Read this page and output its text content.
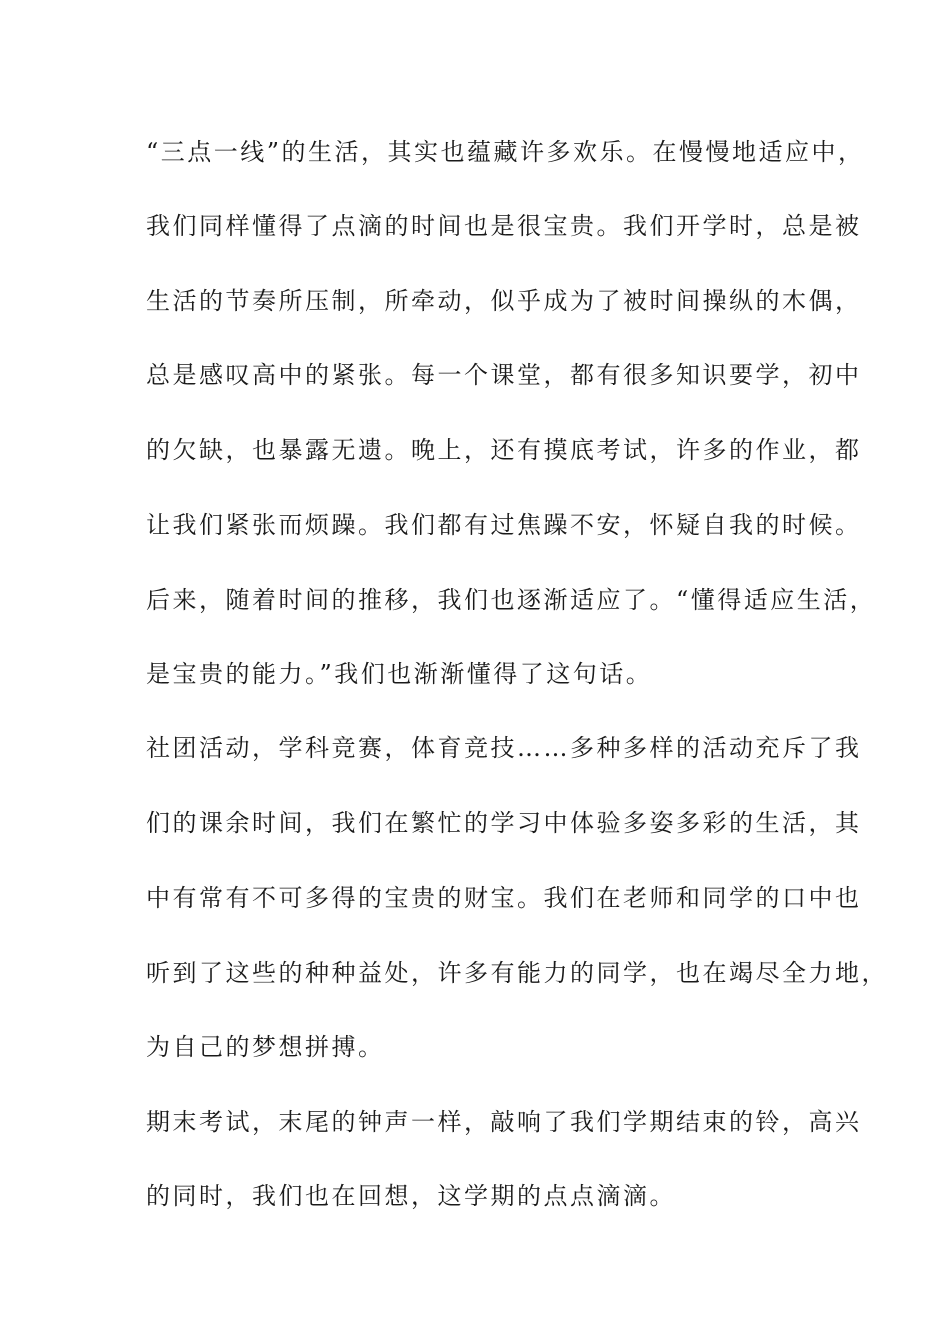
“三点一线”的生活，其实也蕴藏许多欢乐。在慢慢地适应中，
我们同样懂得了点滴的时间也是很宝贵。我们开学时，总是被
生活的节奏所压制，所牵动，似乎成为了被时间操纵的木偶，
总是感叹高中的紧张。每一个课堂，都有很多知识要学，初中
的欠缺，也暴露无遗。晚上，还有摸底考试，许多的作业，都
让我们紧张而烦躁。我们都有过焦躁不安，怀疑自我的时候。
后来，随着时间的推移，我们也逐渐适应了。“懂得适应生活，
是宝贵的能力。”我们也渐渐懂得了这句话。
社团活动，学科竞赛，体育竞技……多种多样的活动充斥了我
们的课余时间，我们在繁忙的学习中体验多姿多彩的生活，其
中有常有不可多得的宝贵的财宝。我们在老师和同学的口中也
听到了这些的种种益处，许多有能力的同学，也在竭尽全力地，
为自己的梦想拼搏。
期末考试，末尾的钟声一样，敲响了我们学期结束的铃，高兴
的同时，我们也在回想，这学期的点点滴滴。
